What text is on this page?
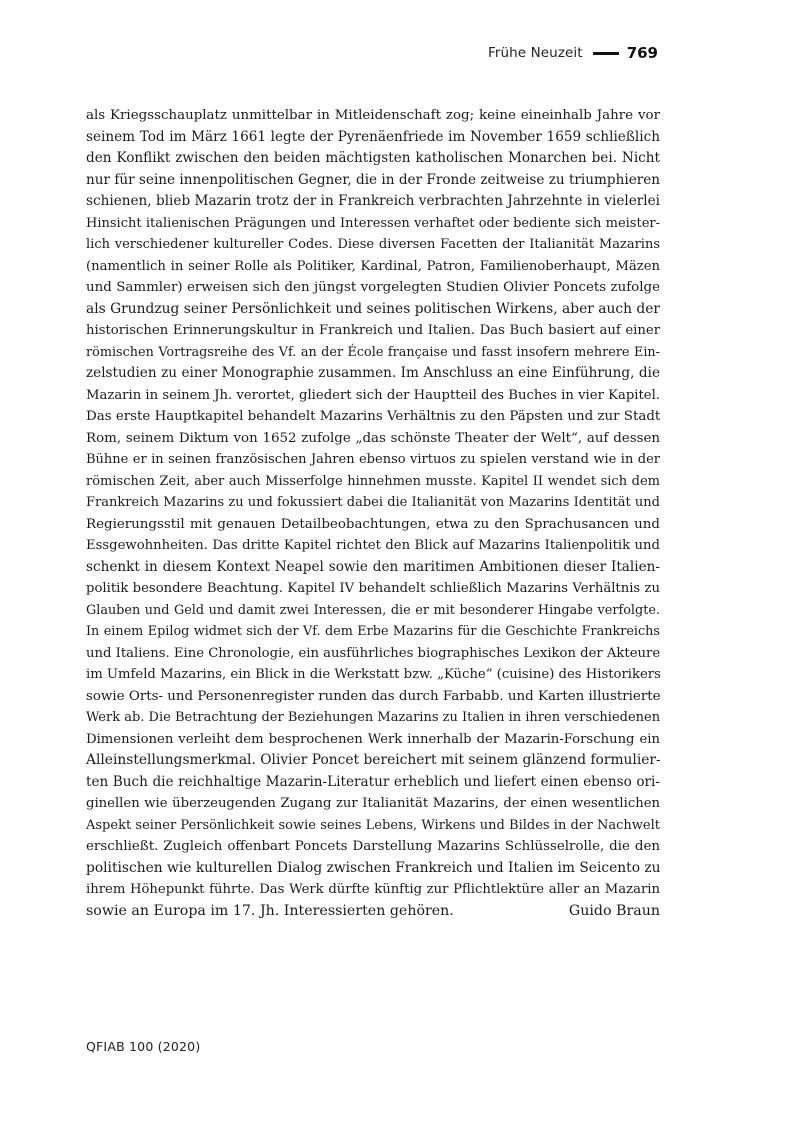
Frühe Neuzeit	769
als Kriegsschauplatz unmittelbar in Mitleidenschaft zog; keine eineinhalb Jahre vor
seinem Tod im März 1661 legte der Pyrenäenfriede im November 1659 schließlich
den Konflikt zwischen den beiden mächtigsten katholischen Monarchen bei. Nicht
nur für seine innenpolitischen Gegner, die in der Fronde zeitweise zu triumphieren
schienen, blieb Mazarin trotz der in Frankreich verbrachten Jahrzehnte in vielerlei
Hinsicht italienischen Prägungen und Interessen verhaftet oder bediente sich meister-
lich verschiedener kultureller Codes. Diese diversen Facetten der Italianität Mazarins
(namentlich in seiner Rolle als Politiker, Kardinal, Patron, Familienoberhaupt, Mäzen
und Sammler) erweisen sich den jüngst vorgelegten Studien Olivier Poncets zufolge
als Grundzug seiner Persönlichkeit und seines politischen Wirkens, aber auch der
historischen Erinnerungskultur in Frankreich und Italien. Das Buch basiert auf einer
römischen Vortragsreihe des Vf. an der École française und fasst insofern mehrere Ein-
zelstudien zu einer Monographie zusammen. Im Anschluss an eine Einführung, die
Mazarin in seinem Jh. verortet, gliedert sich der Hauptteil des Buches in vier Kapitel.
Das erste Hauptkapitel behandelt Mazarins Verhältnis zu den Päpsten und zur Stadt
Rom, seinem Diktum von 1652 zufolge „das schönste Theater der Welt“, auf dessen
Bühne er in seinen französischen Jahren ebenso virtuos zu spielen verstand wie in der
römischen Zeit, aber auch Misserfolge hinnehmen musste. Kapitel II wendet sich dem
Frankreich Mazarins zu und fokussiert dabei die Italianität von Mazarins Identität und
Regierungsstil mit genauen Detailbeobachtungen, etwa zu den Sprachusancen und
Essgewohnheiten. Das dritte Kapitel richtet den Blick auf Mazarins Italienpolitik und
schenkt in diesem Kontext Neapel sowie den maritimen Ambitionen dieser Italien-
politik besondere Beachtung. Kapitel IV behandelt schließlich Mazarins Verhältnis zu
Glauben und Geld und damit zwei Interessen, die er mit besonderer Hingabe verfolgte.
In einem Epilog widmet sich der Vf. dem Erbe Mazarins für die Geschichte Frankreichs
und Italiens. Eine Chronologie, ein ausführliches biographisches Lexikon der Akteure
im Umfeld Mazarins, ein Blick in die Werkstatt bzw. „Küche“ (cuisine) des Historikers
sowie Orts- und Personenregister runden das durch Farbabb. und Karten illustrierte
Werk ab. Die Betrachtung der Beziehungen Mazarins zu Italien in ihren verschiedenen
Dimensionen verleiht dem besprochenen Werk innerhalb der Mazarin-Forschung ein
Alleinstellungsmerkmal. Olivier Poncet bereichert mit seinem glänzend formulier-
ten Buch die reichhaltige Mazarin-Literatur erheblich und liefert einen ebenso ori-
ginellen wie überzeugenden Zugang zur Italianität Mazarins, der einen wesentlichen
Aspekt seiner Persönlichkeit sowie seines Lebens, Wirkens und Bildes in der Nachwelt
erschließt. Zugleich offenbart Poncets Darstellung Mazarins Schlüsselrolle, die den
politischen wie kulturellen Dialog zwischen Frankreich und Italien im Seicento zu
ihrem Höhepunkt führte. Das Werk dürfte künftig zur Pflichtlektüre aller an Mazarin
sowie an Europa im 17. Jh. Interessierten gehören.	Guido Braun
QFIAB 100 (2020)
